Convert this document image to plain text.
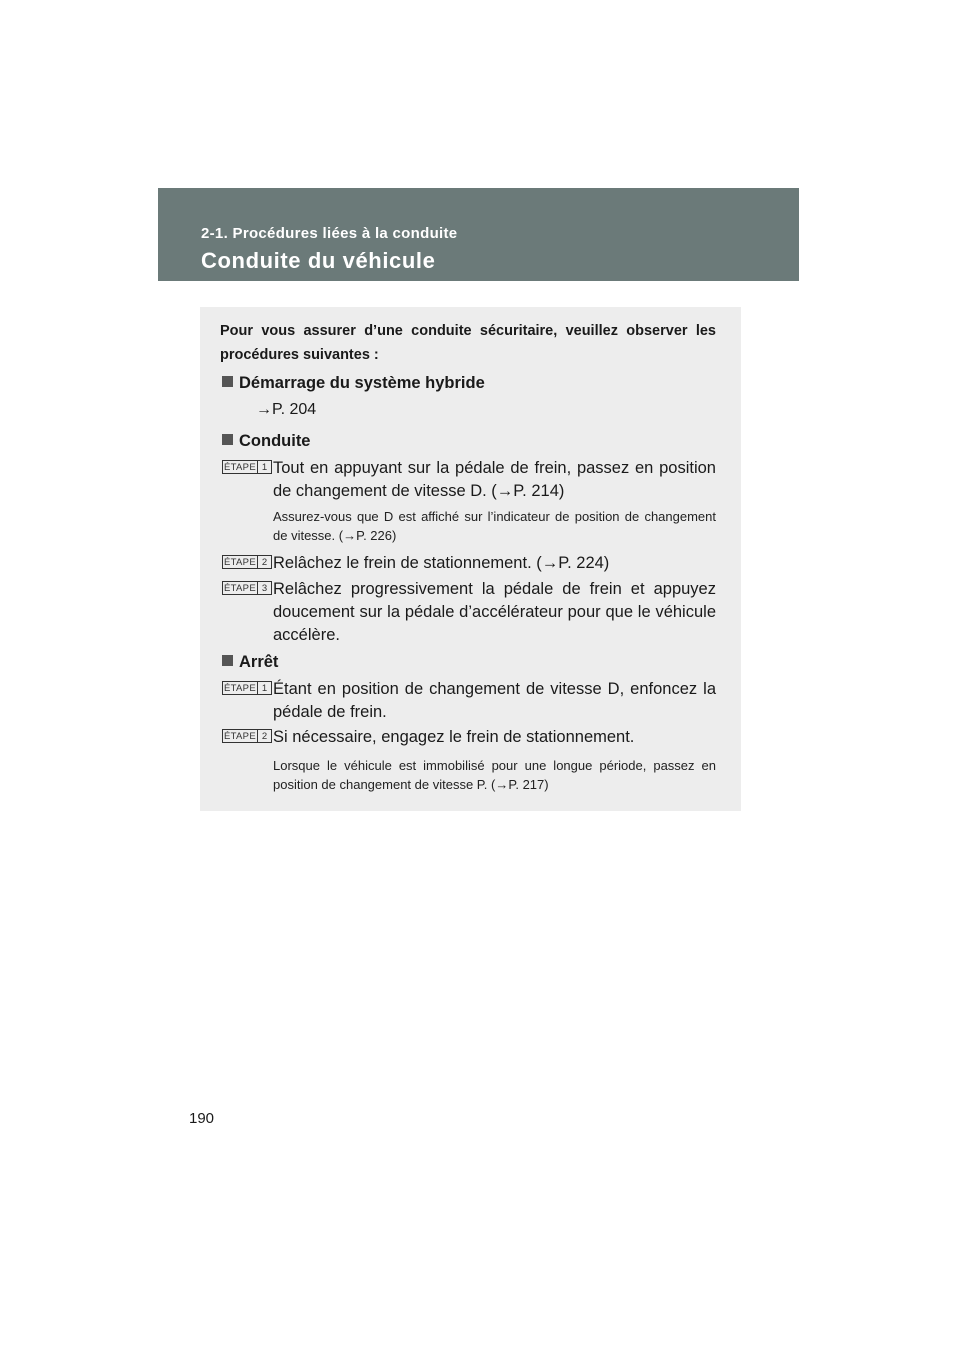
2-1. Procédures liées à la conduite
Conduite du véhicule
Pour vous assurer d’une conduite sécuritaire, veuillez observer les procédures suivantes :
Démarrage du système hybride
→P. 204
Conduite
ÉTAPE 1 Tout en appuyant sur la pédale de frein, passez en position de changement de vitesse D. (→P. 214)
Assurez-vous que D est affiché sur l’indicateur de position de changement de vitesse. (→P. 226)
ÉTAPE 2 Relâchez le frein de stationnement. (→P. 224)
ÉTAPE 3 Relâchez progressivement la pédale de frein et appuyez doucement sur la pédale d’accélérateur pour que le véhicule accélère.
Arrêt
ÉTAPE 1 Étant en position de changement de vitesse D, enfoncez la pédale de frein.
ÉTAPE 2 Si nécessaire, engagez le frein de stationnement.
Lorsque le véhicule est immobilisé pour une longue période, passez en position de changement de vitesse P. (→P. 217)
190
